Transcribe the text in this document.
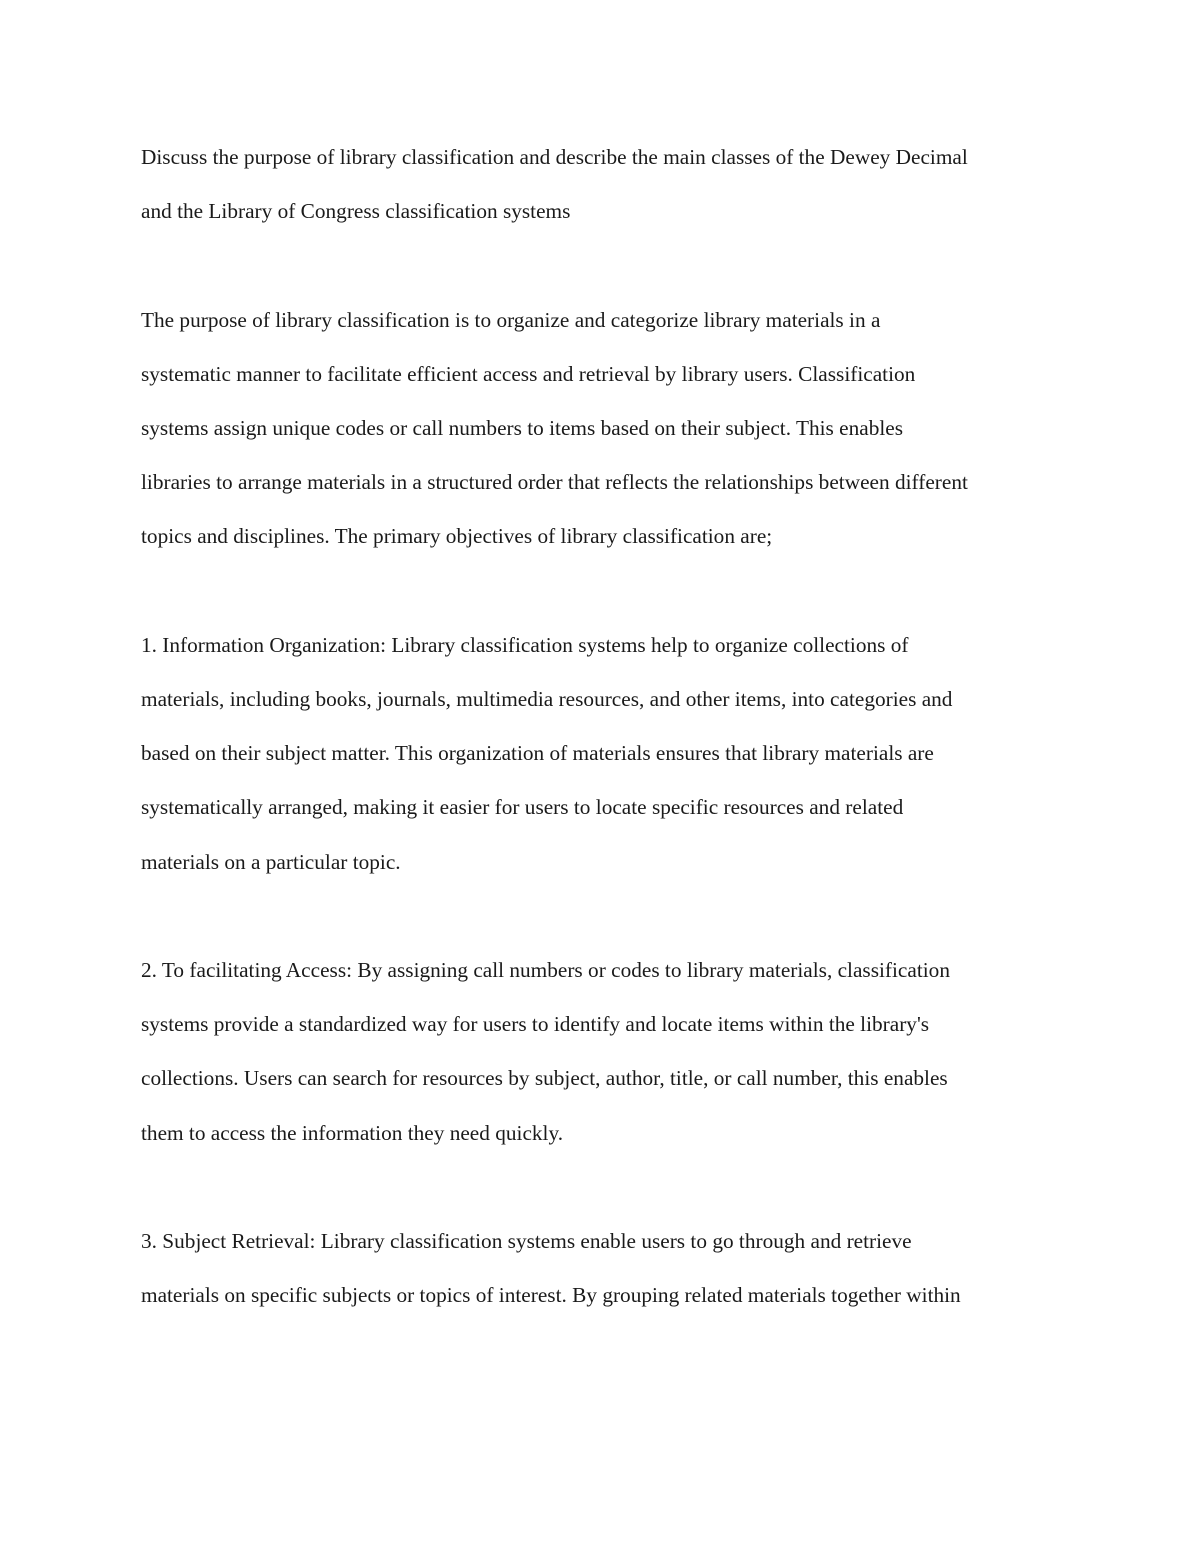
Discuss the purpose of library classification and describe the main classes of the Dewey Decimal
and the Library of Congress classification systems

The purpose of library classification is to organize and categorize library materials in a
systematic manner to facilitate efficient access and retrieval by library users. Classification
systems assign unique codes or call numbers to items based on their subject. This enables
libraries to arrange materials in a structured order that reflects the relationships between different
topics and disciplines. The primary objectives of library classification are;

1. Information Organization: Library classification systems help to organize collections of
materials, including books, journals, multimedia resources, and other items, into categories and
based on their subject matter. This organization of materials ensures that library materials are
systematically arranged, making it easier for users to locate specific resources and related
materials on a particular topic.

2. To facilitating Access: By assigning call numbers or codes to library materials, classification
systems provide a standardized way for users to identify and locate items within the library's
collections. Users can search for resources by subject, author, title, or call number, this enables
them to access the information they need quickly.

3. Subject Retrieval: Library classification systems enable users to go through and retrieve
materials on specific subjects or topics of interest. By grouping related materials together within
